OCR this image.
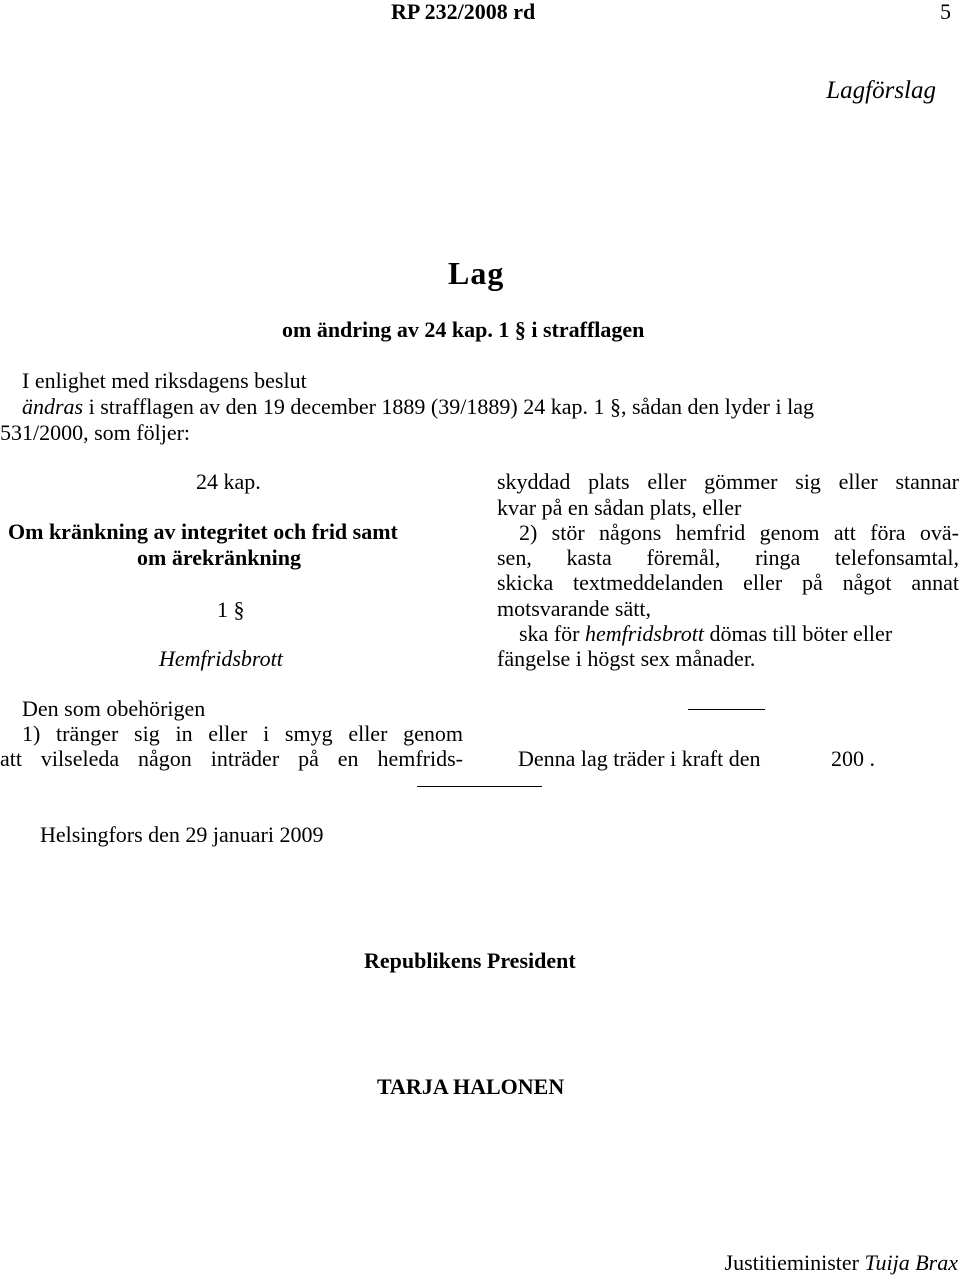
RP 232/2008 rd	5
Lagförslag
Lag
om ändring av 24 kap. 1 § i strafflagen
I enlighet med riksdagens beslut
ändras i strafflagen av den 19 december 1889 (39/1889) 24 kap. 1 §, sådan den lyder i lag
531/2000, som följer:
24 kap.
Om kränkning av integritet och frid samt
om ärekränkning
1 §
Hemfridsbrott
Den som obehörigen
1) tränger sig in eller i smyg eller genom
att vilseleda någon inträder på en hemfrids-
skyddad plats eller gömmer sig eller stannar
kvar på en sådan plats, eller
2) stör någons hemfrid genom att föra ovä-
sen, kasta föremål, ringa telefonsamtal,
skicka textmeddelanden eller på något annat
motsvarande sätt,
ska för hemfridsbrott dömas till böter eller
fängelse i högst sex månader.
Denna lag träder i kraft den	200 .
Helsingfors den 29 januari 2009
Republikens President
TARJA HALONEN
Justitieminister Tuija Brax
